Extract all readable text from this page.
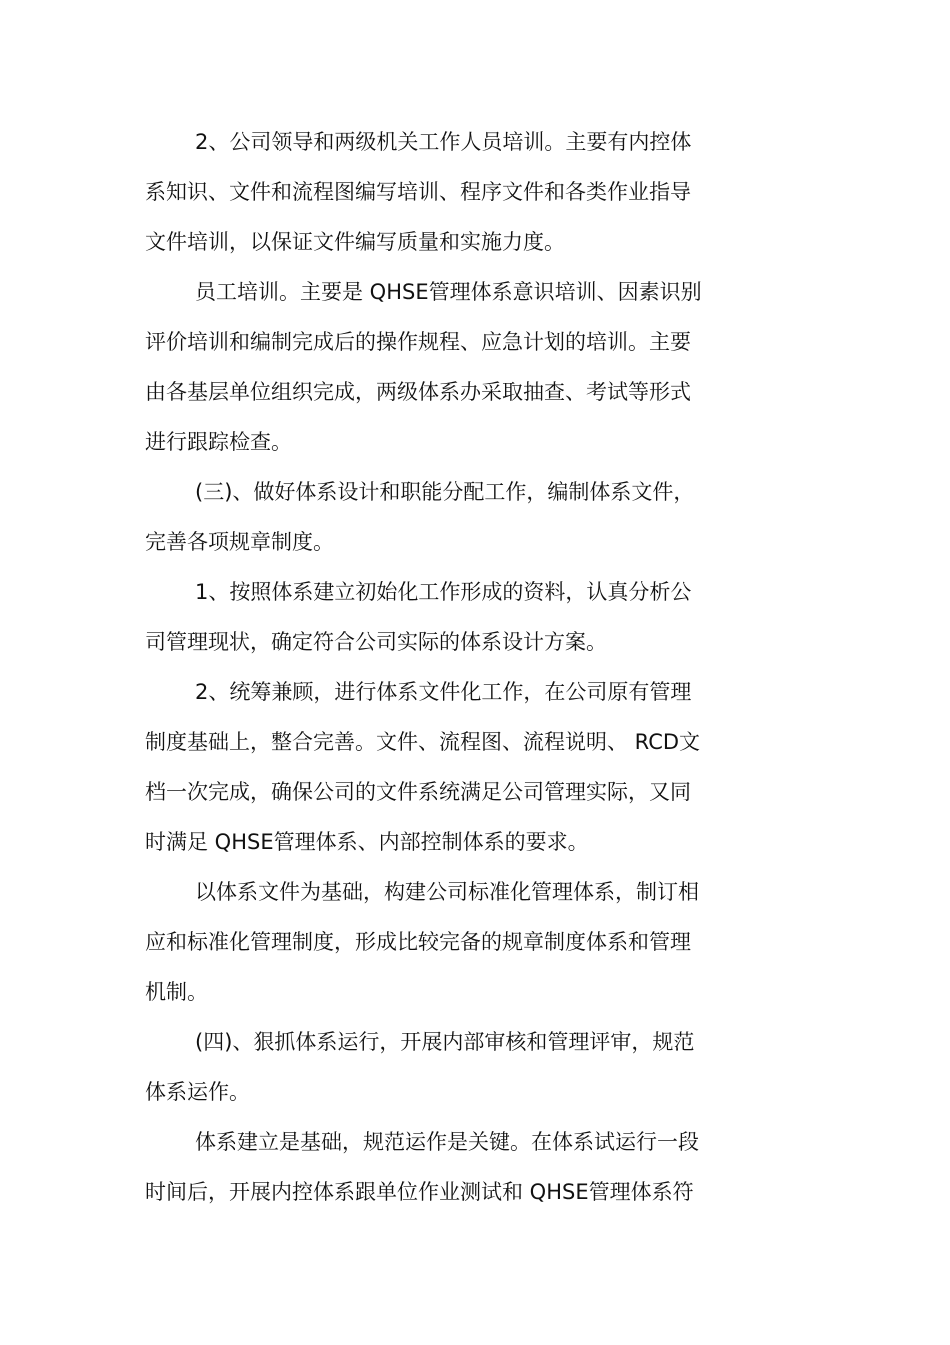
2、公司领导和两级机关工作人员培训。主要有内控体
系知识、文件和流程图编写培训、程序文件和各类作业指导
文件培训，以保证文件编写质量和实施力度。
员工培训。主要是 QHSE管理体系意识培训、因素识别
评价培训和编制完成后的操作规程、应急计划的培训。主要
由各基层单位组织完成，两级体系办采取抽查、考试等形式
进行跟踪检查。
(三)、做好体系设计和职能分配工作，编制体系文件，
完善各项规章制度。
1、按照体系建立初始化工作形成的资料，认真分析公
司管理现状，确定符合公司实际的体系设计方案。
2、统筹兼顾，进行体系文件化工作，在公司原有管理
制度基础上，整合完善。文件、流程图、流程说明、 RCD文
档一次完成，确保公司的文件系统满足公司管理实际，又同
时满足 QHSE管理体系、内部控制体系的要求。
以体系文件为基础，构建公司标准化管理体系，制订相
应和标准化管理制度，形成比较完备的规章制度体系和管理
机制。
(四)、狠抓体系运行，开展内部审核和管理评审，规范
体系运作。
体系建立是基础，规范运作是关键。在体系试运行一段
时间后，开展内控体系跟单位作业测试和 QHSE管理体系符
